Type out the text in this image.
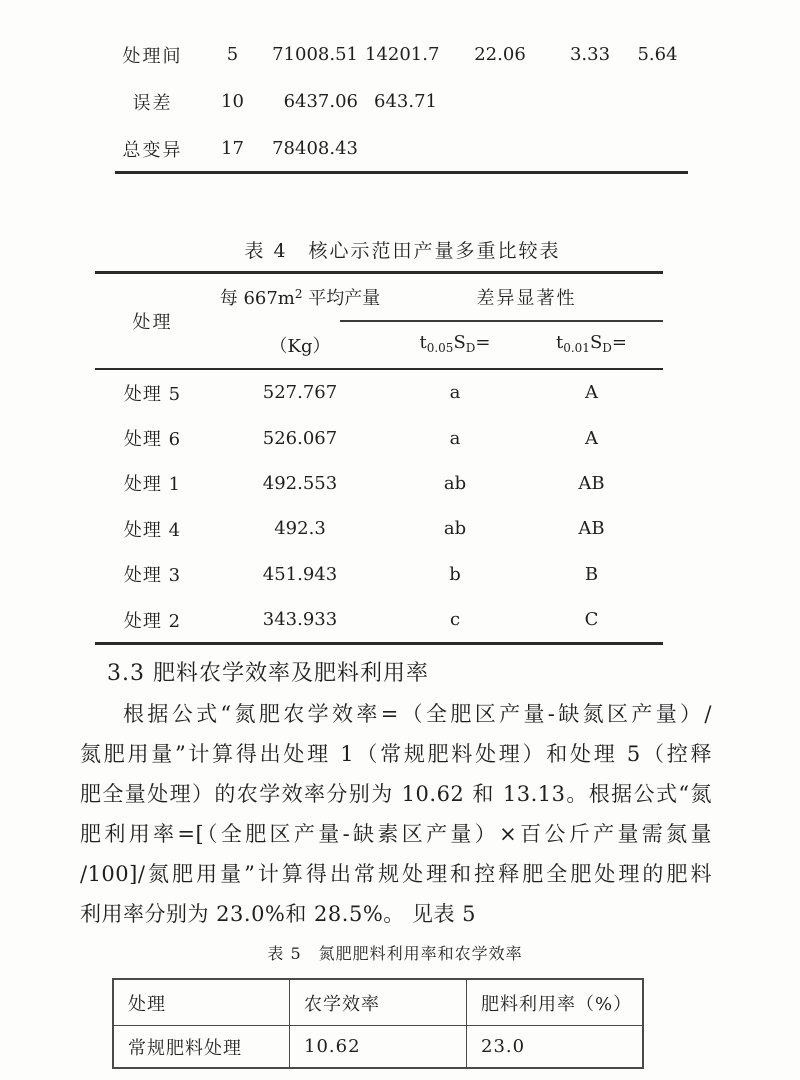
处理间	5	71008.51 14201.7	22.06	3.33	5.64
误差	10	6437.06 643.71
总变异	17	78408.43
表 4　核心示范田产量多重比较表
处理
每 $667m^2$ 平均产量
（Kg）
差异显著性
$t_{0.05}S_D=$	$t_{0.01}S_D=$
处理 5	527.767	a	A
处理 6	526.067	a	A
处理 1	492.553	ab	AB
处理 4	492.3	ab	AB
处理 3	451.943	b	B
处理 2	343.933	c	C
3.3 肥料农学效率及肥料利用率
根据公式“氮肥农学效率=（全肥区产量-缺氮区产量）/
氮肥用量”计算得出处理 1（常规肥料处理）和处理 5（控释
肥全量处理）的农学效率分别为 10.62 和 13.13。根据公式“氮
肥利用率=[（全肥区产量-缺素区产量）×百公斤产量需氮量
/100]/氮肥用量”计算得出常规处理和控释肥全肥处理的肥料
利用率分别为 23.0%和 28.5%。 见表 5
表 5　氮肥肥料利用率和农学效率
处理	农学效率	肥料利用率（%）
常规肥料处理	10.62	23.0
